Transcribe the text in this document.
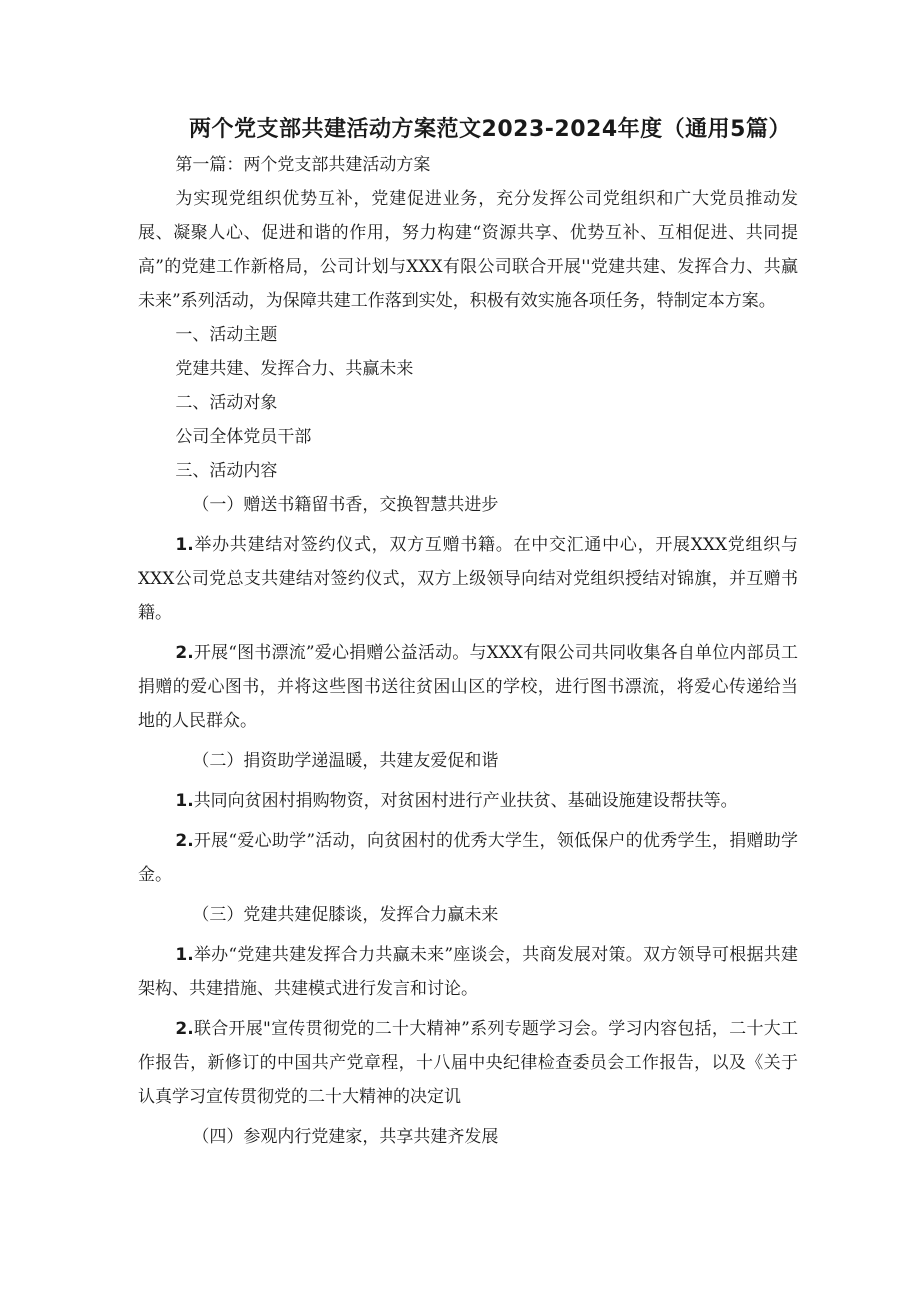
两个党支部共建活动方案范文2023-2024年度（通用5篇）

第一篇：两个党支部共建活动方案

为实现党组织优势互补，党建促进业务，充分发挥公司党组织和广大党员推动发展、凝聚人心、促进和谐的作用，努力构建“资源共享、优势互补、互相促进、共同提高”的党建工作新格局，公司计划与XXX有限公司联合开展''党建共建、发挥合力、共赢未来”系列活动，为保障共建工作落到实处，积极有效实施各项任务，特制定本方案。

一、活动主题

党建共建、发挥合力、共赢未来

二、活动对象

公司全体党员干部

三、活动内容

（一）赠送书籍留书香，交换智慧共进步

1.举办共建结对签约仪式，双方互赠书籍。在中交汇通中心，开展XXX党组织与XXX公司党总支共建结对签约仪式，双方上级领导向结对党组织授结对锦旗，并互赠书籍。

2.开展“图书漂流”爱心捐赠公益活动。与XXX有限公司共同收集各自单位内部员工捐赠的爱心图书，并将这些图书送往贫困山区的学校，进行图书漂流，将爱心传递给当地的人民群众。

（二）捐资助学递温暖，共建友爱促和谐

1.共同向贫困村捐购物资，对贫困村进行产业扶贫、基础设施建设帮扶等。

2.开展“爱心助学”活动，向贫困村的优秀大学生，领低保户的优秀学生，捐赠助学金。

（三）党建共建促膝谈，发挥合力赢未来

1.举办“党建共建发挥合力共赢未来”座谈会，共商发展对策。双方领导可根据共建架构、共建措施、共建模式进行发言和讨论。

2.联合开展"宣传贯彻党的二十大精神”系列专题学习会。学习内容包括，二十大工作报告，新修订的中国共产党章程，十八届中央纪律检查委员会工作报告，以及《关于认真学习宣传贯彻党的二十大精神的决定讥

（四）参观内行党建家，共享共建齐发展
